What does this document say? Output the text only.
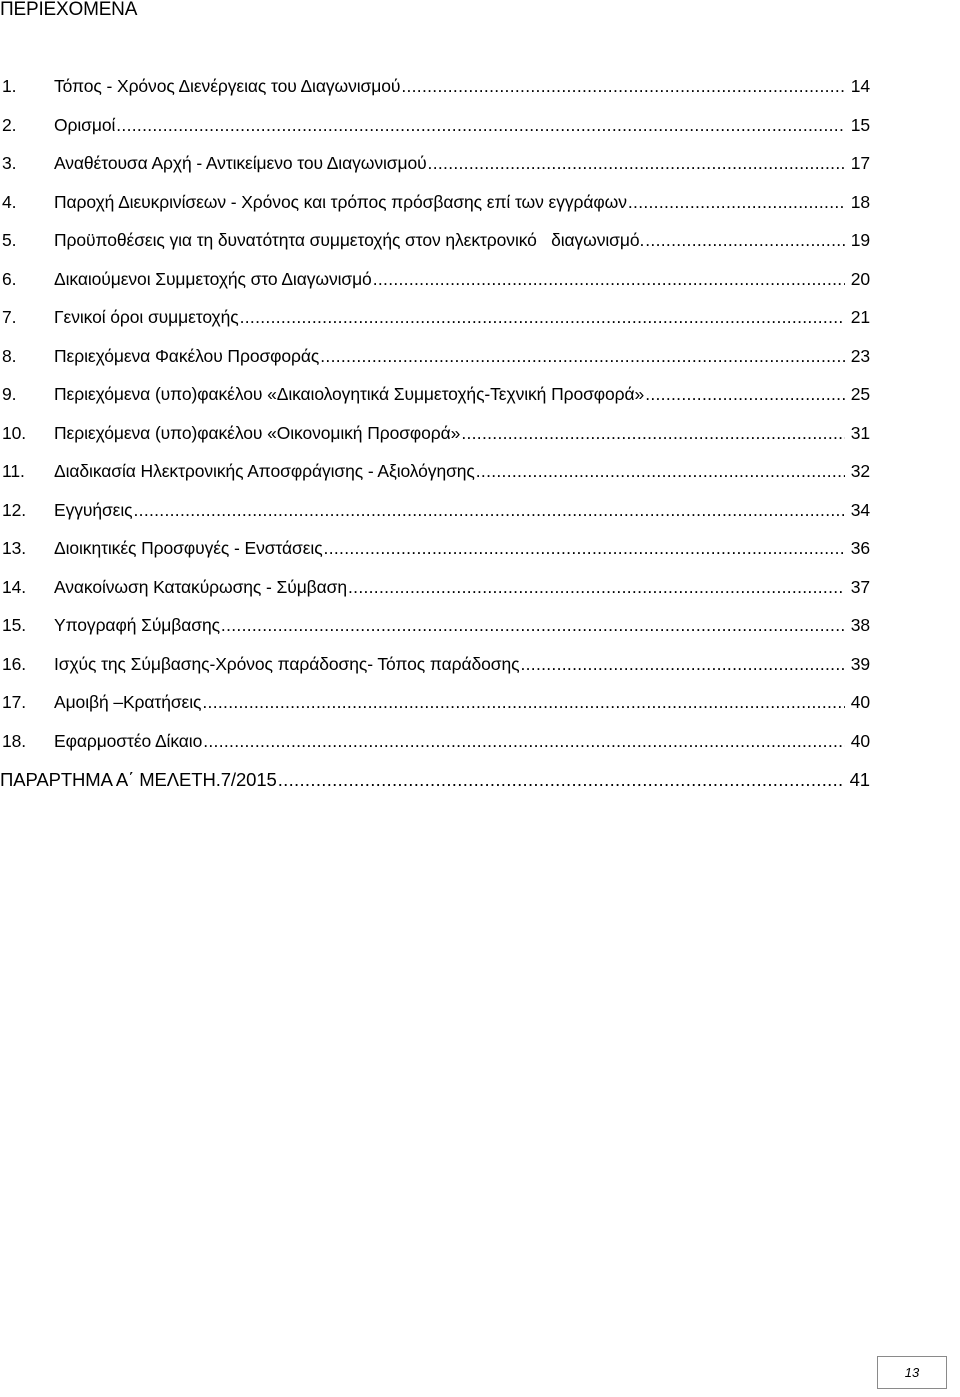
ΠΕΡΙΕΧΟΜΕΝΑ
1.	Τόπος - Χρόνος Διενέργειας του Διαγωνισμού .....	14
2.	Ορισμοί .....	15
3.	Αναθέτουσα Αρχή - Αντικείμενο του Διαγωνισμού .....	17
4.	Παροχή Διευκρινίσεων - Χρόνος και τρόπος πρόσβασης επί των εγγράφων .....	18
5.	Προϋποθέσεις για τη δυνατότητα συμμετοχής στον ηλεκτρονικό   διαγωνισμό. .....	19
6.	Δικαιούμενοι Συμμετοχής στο Διαγωνισμό .....	20
7.	Γενικοί όροι συμμετοχής .....	21
8.	Περιεχόμενα Φακέλου Προσφοράς .....	23
9.	Περιεχόμενα (υπο)φακέλου «Δικαιολογητικά Συμμετοχής-Τεχνική Προσφορά» .....	25
10.	Περιεχόμενα (υπο)φακέλου «Οικονομική Προσφορά» .....	31
11.	Διαδικασία Ηλεκτρονικής Αποσφράγισης - Αξιολόγησης .....	32
12.	Εγγυήσεις .....	34
13.	Διοικητικές Προσφυγές - Ενστάσεις .....	36
14.	Ανακοίνωση Κατακύρωσης - Σύμβαση .....	37
15.	Υπογραφή Σύμβασης .....	38
16.	Ισχύς της Σύμβασης-Χρόνος παράδοσης- Τόπος παράδοσης .....	39
17.	Αμοιβή –Κρατήσεις .....	40
18.	Εφαρμοστέο Δίκαιο .....	40
ΠΑΡΑΡΤΗΜΑ Α΄ ΜΕΛΕΤΗ.7/2015 .....	41
13
